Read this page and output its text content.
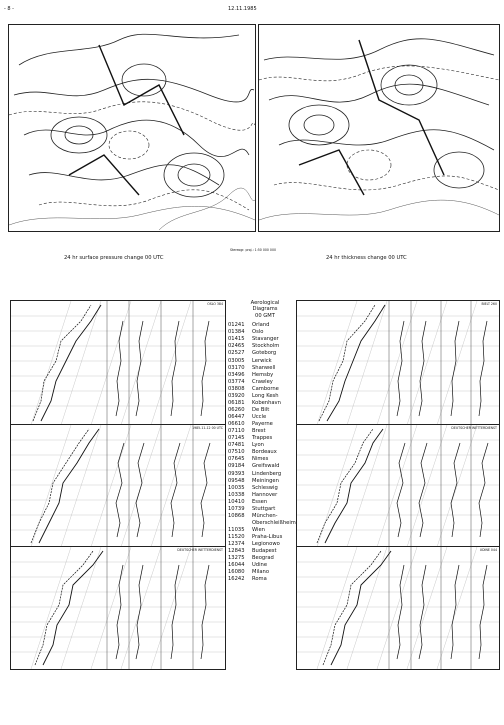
- 8 -	12.11.1985
Stereogr. proj.: 1:50 000 000
24 hr surface pressure change 00 UTC	24 hr thickness change 00 UTC
OSLO 384
1985-11-12 00 UTC
DEUTSCHER WETTERDIENST
Aerological
Diagrams
00 GMT
01241	Orland
01384	Oslo
01415	Stavanger
02465	Stockholm
02527	Goteborg
03005	Lerwick
03170	Shanwell
03496	Hemsby
03774	Crawley
03808	Camborne
03920	Long Kesh
06181	Kobenhavn
06260	De Bilt
06447	Uccle
06610	Payerne
07110	Brest
07145	Trappes
07481	Lyon
07510	Bordeaux
07645	Nimes
09184	Greifswald
09393	Lindenberg
09548	Meiningen
10035	Schleswig
10338	Hannover
10410	Essen
10739	Stuttgart
10868	München-
Oberschleißheim
11035	Wien
11520	Praha-Libus
12374	Legionowo
12843	Budapest
13275	Beograd
16044	Udine
16080	Milano
16242	Roma
BIELT 260
DEUTSCHER WETTERDIENST
UDINE 044
